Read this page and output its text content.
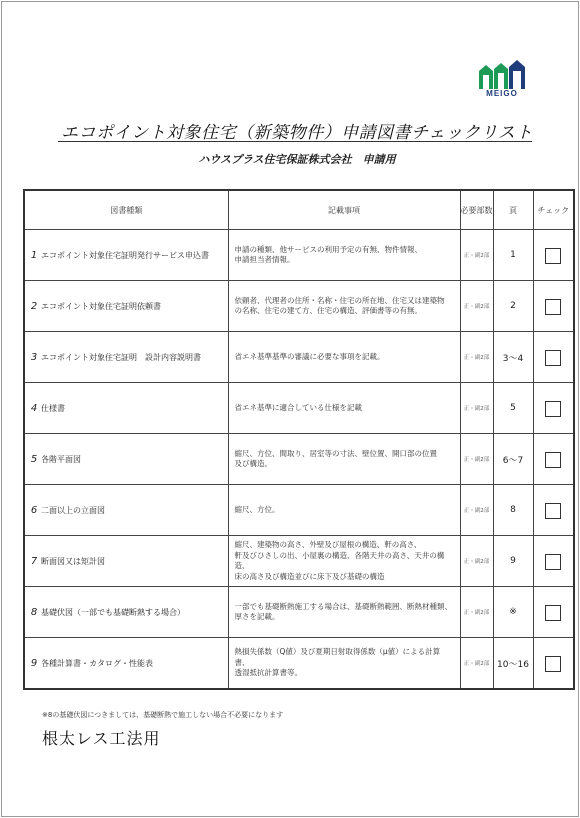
MEIGO
エコポイント対象住宅（新築物件）申請図書チェックリスト
ハウスプラス住宅保証株式会社　申請用
図書種類	記載事項	必要部数	頁	チェック
1 エコポイント対象住宅証明発行サービス申込書	申請の種類、他サービスの利用予定の有無、物件情報、
申請担当者情報。	正・副2部	1	
2 エコポイント対象住宅証明依頼書	依頼者、代理者の住所・名称・住宅の所在地、住宅又は建築物
の名称、住宅の建て方、住宅の構造、評価書等の有無。	正・副2部	2	
3 エコポイント対象住宅証明　設計内容説明書	省エネ基準基準の審議に必要な事項を記載。	正・副2部	3～4	
4 仕様書	省エネ基準に適合している仕様を記載	正・副2部	5	
5 各階平面図	縮尺、方位、間取り、居室等の寸法、壁位置、開口部の位置
及び構造。	正・副2部	6～7	
6 二面以上の立面図	縮尺、方位。	正・副2部	8	
7 断面図又は矩計図	縮尺、建築物の高さ、外壁及び屋根の構造、軒の高さ、
軒及びひさしの出、小屋裏の構造、各階天井の高さ、天井の構
造、
床の高さ及び構造並びに床下及び基礎の構造	正・副2部	9	
8 基礎伏図（一部でも基礎断熱する場合）	一部でも基礎断熱施工する場合は、基礎断熱範囲、断熱材種類、
厚さを記載。	正・副2部	※	
9 各種計算書・カタログ・性能表	熱損失係数（Q値）及び夏期日射取得係数（μ値）による計算書、
透湿抵抗計算書等。	正・副2部	10～16	
※8の基礎伏図につきましては、基礎断熱で施工しない場合不必要になります
根太レス工法用
